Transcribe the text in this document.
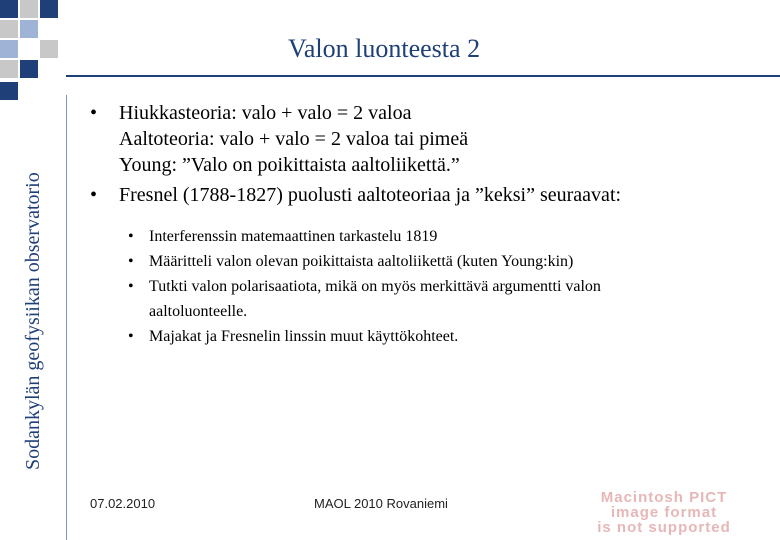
Sodankylän geofysiikan observatorio
Valon luonteesta 2
• Hiukkasteoria: valo + valo = 2 valoa
Aaltoteoria: valo + valo = 2 valoa tai pimeä
Young: ”Valo on poikittaista aaltoliikettä.”
• Fresnel (1788-1827) puolusti aaltoteoriaa ja ”keksi” seuraavat:
• Interferenssin matemaattinen tarkastelu 1819
• Määritteli valon olevan poikittaista aaltoliikettä (kuten Young:kin)
• Tutkti valon polarisaatiota, mikä on myös merkittävä argumentti valon
aaltoluonteelle.
• Majakat ja Fresnelin linssin muut käyttökohteet.
07.02.2010	MAOL 2010 Rovaniemi	Macintosh PICT
image format
is not supported
